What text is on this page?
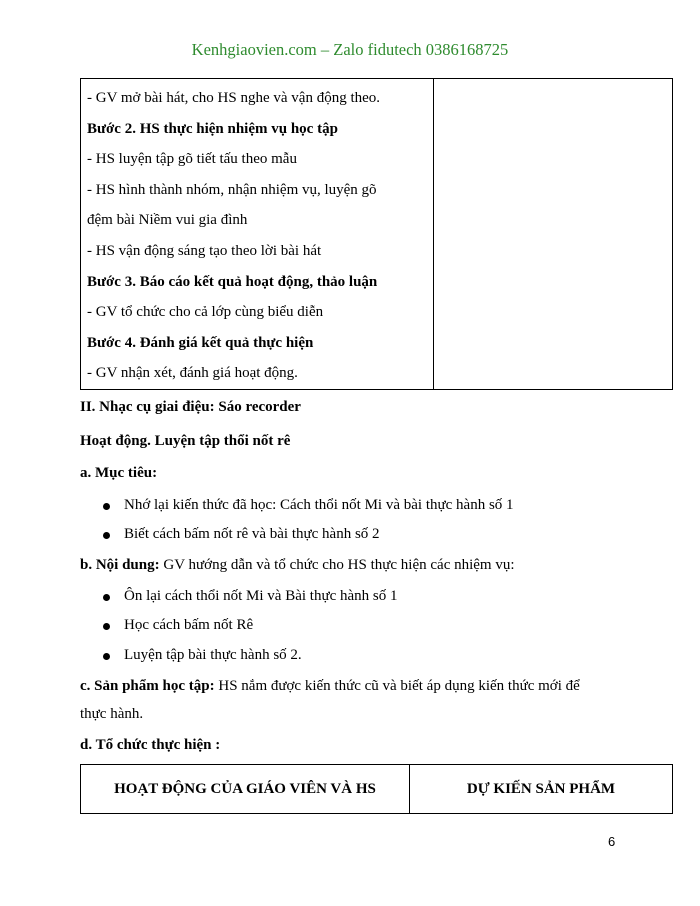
Kenhgiaovien.com – Zalo fidutech 0386168725
- GV mở bài hát, cho HS nghe và vận động theo.
Bước 2. HS thực hiện nhiệm vụ học tập
- HS luyện tập gõ tiết tấu theo mẫu
- HS hình thành nhóm, nhận nhiệm vụ, luyện gõ
đệm bài Niềm vui gia đình
- HS vận động sáng tạo theo lời bài hát
Bước 3. Báo cáo kết quả hoạt động, thảo luận
- GV tổ chức cho cả lớp cùng biểu diễn
Bước 4. Đánh giá kết quả thực hiện
- GV nhận xét, đánh giá hoạt động.

II. Nhạc cụ giai điệu: Sáo recorder
Hoạt động. Luyện tập thổi nốt rê
a. Mục tiêu:
Nhớ lại kiến thức đã học: Cách thổi nốt Mi và bài thực hành số 1
Biết cách bấm nốt rê và bài thực hành số 2
b. Nội dung: GV hướng dẫn và tổ chức cho HS thực hiện các nhiệm vụ:
Ôn lại cách thổi nốt Mi và Bài thực hành số 1
Học cách bấm nốt Rê
Luyện tập bài thực hành số 2.
c. Sản phẩm học tập: HS nắm được kiến thức cũ và biết áp dụng kiến thức mới để
thực hành.
d. Tổ chức thực hiện :
HOẠT ĐỘNG CỦA GIÁO VIÊN VÀ HS	DỰ KIẾN SẢN PHẨM
6
